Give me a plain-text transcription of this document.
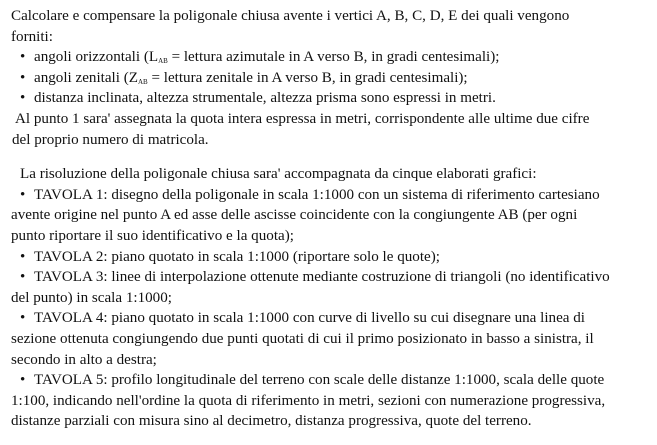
Calcolare e compensare la poligonale chiusa avente i vertici A, B, C, D, E dei quali vengono
forniti:

• angoli orizzontali ($L_{AB}$ = lettura azimutale in A verso B, in gradi centesimali);
• angoli zenitali ($Z_{AB}$ = lettura zenitale in A verso B, in gradi centesimali);
• distanza inclinata, altezza strumentale, altezza prisma sono espressi in metri.

Al punto 1 sara' assegnata la quota intera espressa in metri, corrispondente alle ultime due cifre
del proprio numero di matricola.

La risoluzione della poligonale chiusa sara' accompagnata da cinque elaborati grafici:

• TAVOLA 1: disegno della poligonale in scala 1:1000 con un sistema di riferimento cartesiano
avente origine nel punto A ed asse delle ascisse coincidente con la congiungente AB (per ogni
punto riportare il suo identificativo e la quota);
• TAVOLA 2: piano quotato in scala 1:1000 (riportare solo le quote);
• TAVOLA 3: linee di interpolazione ottenute mediante costruzione di triangoli (no identificativo
del punto) in scala 1:1000;
• TAVOLA 4: piano quotato in scala 1:1000 con curve di livello su cui disegnare una linea di
sezione ottenuta congiungendo due punti quotati di cui il primo posizionato in basso a sinistra, il
secondo in alto a destra;
• TAVOLA 5: profilo longitudinale del terreno con scale delle distanze 1:1000, scala delle quote
1:100, indicando nell'ordine la quota di riferimento in metri, sezioni con numerazione progressiva,
distanze parziali con misura sino al decimetro, distanza progressiva, quote del terreno.
